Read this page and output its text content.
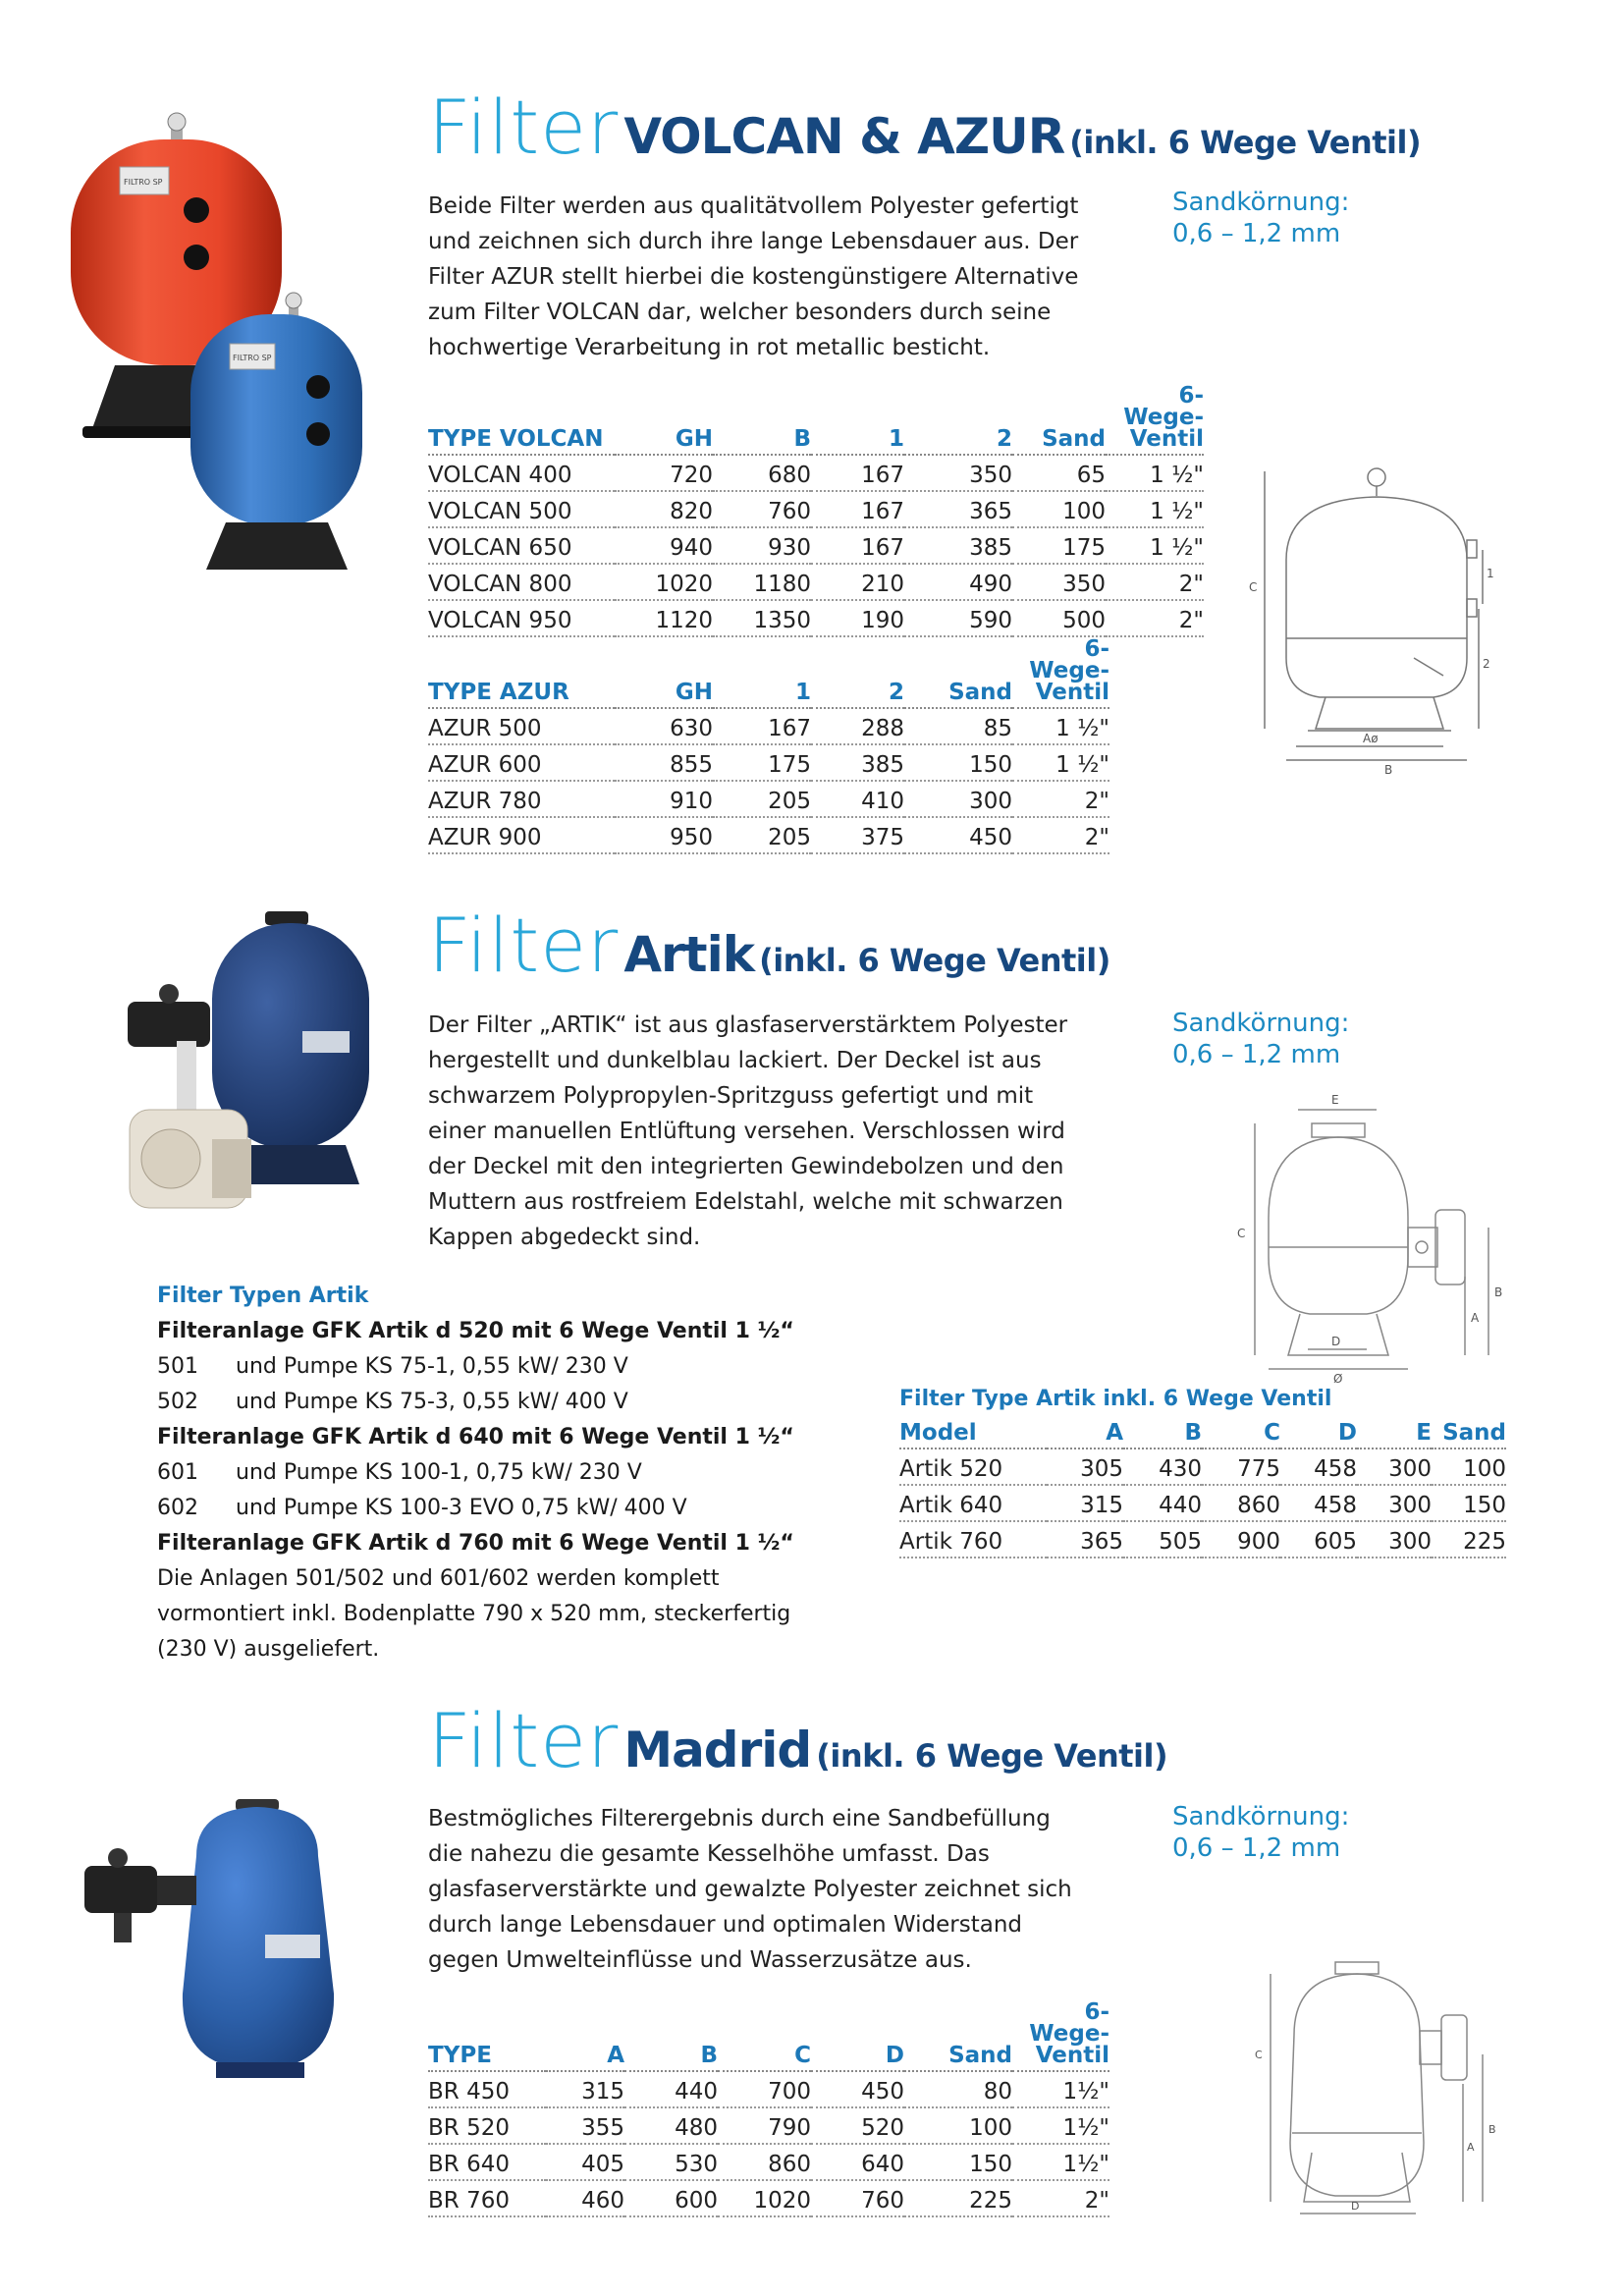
Filter VOLCAN & AZUR (inkl. 6 Wege Ventil)
Beide Filter werden aus qualitätvollem Polyester gefertigt
und zeichnen sich durch ihre lange Lebensdauer aus. Der
Filter AZUR stellt hierbei die kostengünstigere Alternative
zum Filter VOLCAN dar, welcher besonders durch seine
hochwertige Verarbeitung in rot metallic besticht.
Sandkörnung:
0,6 – 1,2 mm
FILTRO SP
FILTRO SP
TYPE VOLCAN	GH	B	1	2	Sand	6-Wege-
Ventil
VOLCAN 400	720	680	167	350	65	1 ½"
VOLCAN 500	820	760	167	365	100	1 ½"
VOLCAN 650	940	930	167	385	175	1 ½"
VOLCAN 800	1020	1180	210	490	350	2"
VOLCAN 950	1120	1350	190	590	500	2"
TYPE AZUR	GH	1	2	Sand	6-Wege-
Ventil
AZUR 500	630	167	288	85	1 ½"
AZUR 600	855	175	385	150	1 ½"
AZUR 780	910	205	410	300	2"
AZUR 900	950	205	375	450	2"
C
1
2
Aø
B
Filter Artik (inkl. 6 Wege Ventil)
Der Filter „ARTIK“ ist aus glasfaserverstärktem Polyester
hergestellt und dunkelblau lackiert. Der Deckel ist aus
schwarzem Polypropylen-Spritzguss gefertigt und mit
einer manuellen Entlüftung versehen. Verschlossen wird
der Deckel mit den integrierten Gewindebolzen und den
Muttern aus rostfreiem Edelstahl, welche mit schwarzen
Kappen abgedeckt sind.
Sandkörnung:
0,6 – 1,2 mm
E
C
B
A
D
Ø
Filter Typen Artik
Filteranlage GFK Artik d 520 mit 6 Wege Ventil 1 ½“
501 und Pumpe KS 75-1, 0,55 kW/ 230 V
502 und Pumpe KS 75-3, 0,55 kW/ 400 V
Filteranlage GFK Artik d 640 mit 6 Wege Ventil 1 ½“
601 und Pumpe KS 100-1, 0,75 kW/ 230 V
602 und Pumpe KS 100-3 EVO 0,75 kW/ 400 V
Filteranlage GFK Artik d 760 mit 6 Wege Ventil 1 ½“
Die Anlagen 501/502 und 601/602 werden komplett
vormontiert inkl. Bodenplatte 790 x 520 mm, steckerfertig
(230 V) ausgeliefert.
Filter Type Artik inkl. 6 Wege Ventil
Model	A	B	C	D	E	Sand
Artik 520	305	430	775	458	300	100
Artik 640	315	440	860	458	300	150
Artik 760	365	505	900	605	300	225
Filter Madrid (inkl. 6 Wege Ventil)
Bestmögliches Filterergebnis durch eine Sandbefüllung
die nahezu die gesamte Kesselhöhe umfasst. Das
glasfaserverstärkte und gewalzte Polyester zeichnet sich
durch lange Lebensdauer und optimalen Widerstand
gegen Umwelteinflüsse und Wasserzusätze aus.
Sandkörnung:
0,6 – 1,2 mm
C
B
A
D
TYPE	A	B	C	D	Sand	6-Wege-
Ventil
BR 450	315	440	700	450	80	1½"
BR 520	355	480	790	520	100	1½"
BR 640	405	530	860	640	150	1½"
BR 760	460	600	1020	760	225	2"
